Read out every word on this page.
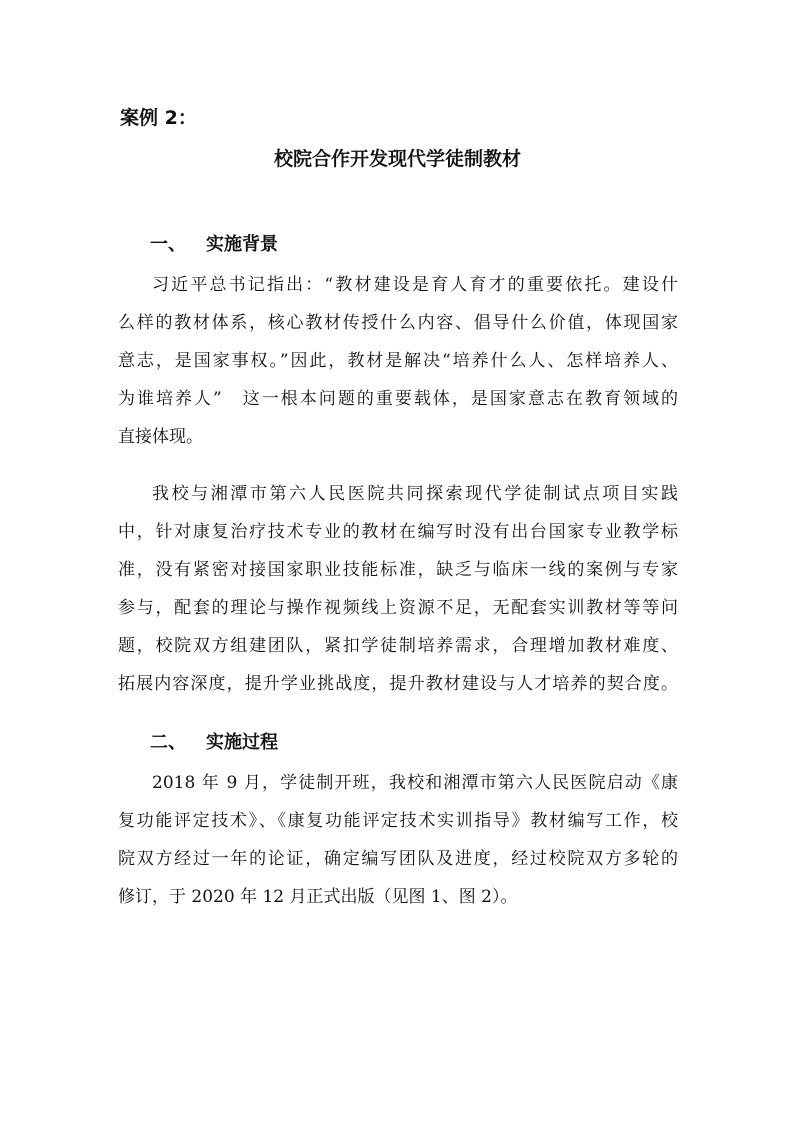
案例 2：
校院合作开发现代学徒制教材
一、 实施背景
习近平总书记指出：“教材建设是育人育才的重要依托。建设什
么样的教材体系，核心教材传授什么内容、倡导什么价值，体现国家
意志，是国家事权。”因此，教材是解决“培养什么人、怎样培养人、
为谁培养人”　这一根本问题的重要载体，是国家意志在教育领域的
直接体现。
我校与湘潭市第六人民医院共同探索现代学徒制试点项目实践
中，针对康复治疗技术专业的教材在编写时没有出台国家专业教学标
准，没有紧密对接国家职业技能标准，缺乏与临床一线的案例与专家
参与，配套的理论与操作视频线上资源不足，无配套实训教材等等问
题，校院双方组建团队，紧扣学徒制培养需求，合理增加教材难度、
拓展内容深度，提升学业挑战度，提升教材建设与人才培养的契合度。
二、 实施过程
2018 年 9 月，学徒制开班，我校和湘潭市第六人民医院启动《康
复功能评定技术》、《康复功能评定技术实训指导》教材编写工作，校
院双方经过一年的论证，确定编写团队及进度，经过校院双方多轮的
修订，于 2020 年 12 月正式出版（见图 1、图 2）。
